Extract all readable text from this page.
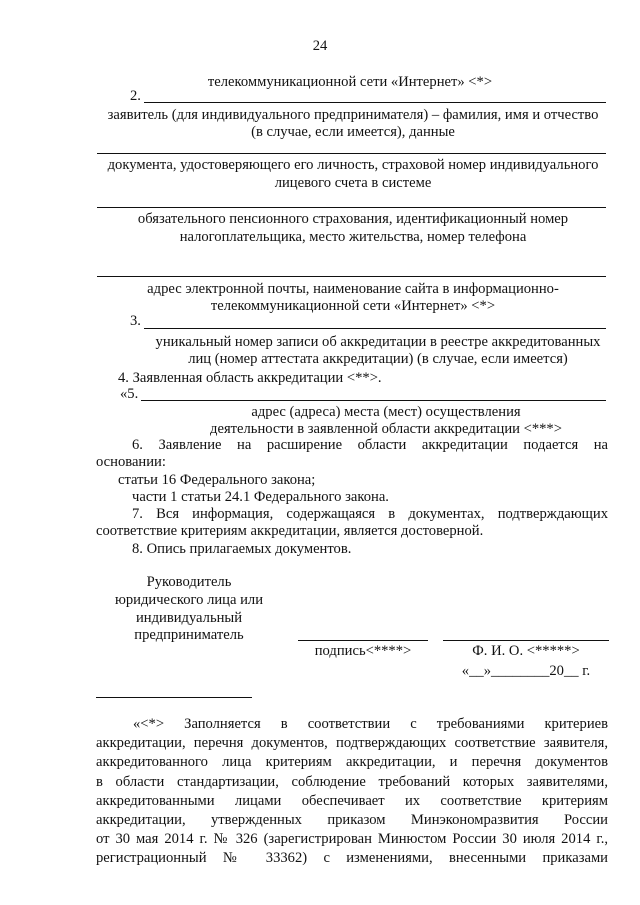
24
телекоммуникационной сети «Интернет» <*>
2.
заявитель (для индивидуального предпринимателя) – фамилия, имя и отчество
(в случае, если имеется), данные
документа, удостоверяющего его личность, страховой номер индивидуального
лицевого счета в системе
обязательного пенсионного страхования, идентификационный номер
налогоплательщика, место жительства, номер телефона
адрес электронной почты, наименование сайта в информационно-
телекоммуникационной сети «Интернет» <*>
3.
уникальный номер записи об аккредитации в реестре аккредитованных
лиц (номер аттестата аккредитации) (в случае, если имеется)
4. Заявленная область аккредитации <**>.
«5.
адрес (адреса) места (мест) осуществления
деятельности в заявленной области аккредитации <***>
6. Заявление на расширение области аккредитации подается на
основании:
статьи 16 Федерального закона;
части 1 статьи 24.1 Федерального закона.
7. Вся информация, содержащаяся в документах, подтверждающих
соответствие критериям аккредитации, является достоверной.
8. Опись прилагаемых документов.
Руководитель
юридического лица или
индивидуальный
предприниматель
подпись<****>	Ф. И. О. <*****>
«__»________20__ г.
«<*> Заполняется в соответствии с требованиями критериев
аккредитации, перечня документов, подтверждающих соответствие заявителя,
аккредитованного лица критериям аккредитации, и перечня документов
в области стандартизации, соблюдение требований которых заявителями,
аккредитованными лицами обеспечивает их соответствие критериям
аккредитации, утвержденных приказом Минэкономразвития России
от 30 мая 2014 г. № 326 (зарегистрирован Минюстом России 30 июля 2014 г.,
регистрационный № 33362) с изменениями, внесенными приказами
